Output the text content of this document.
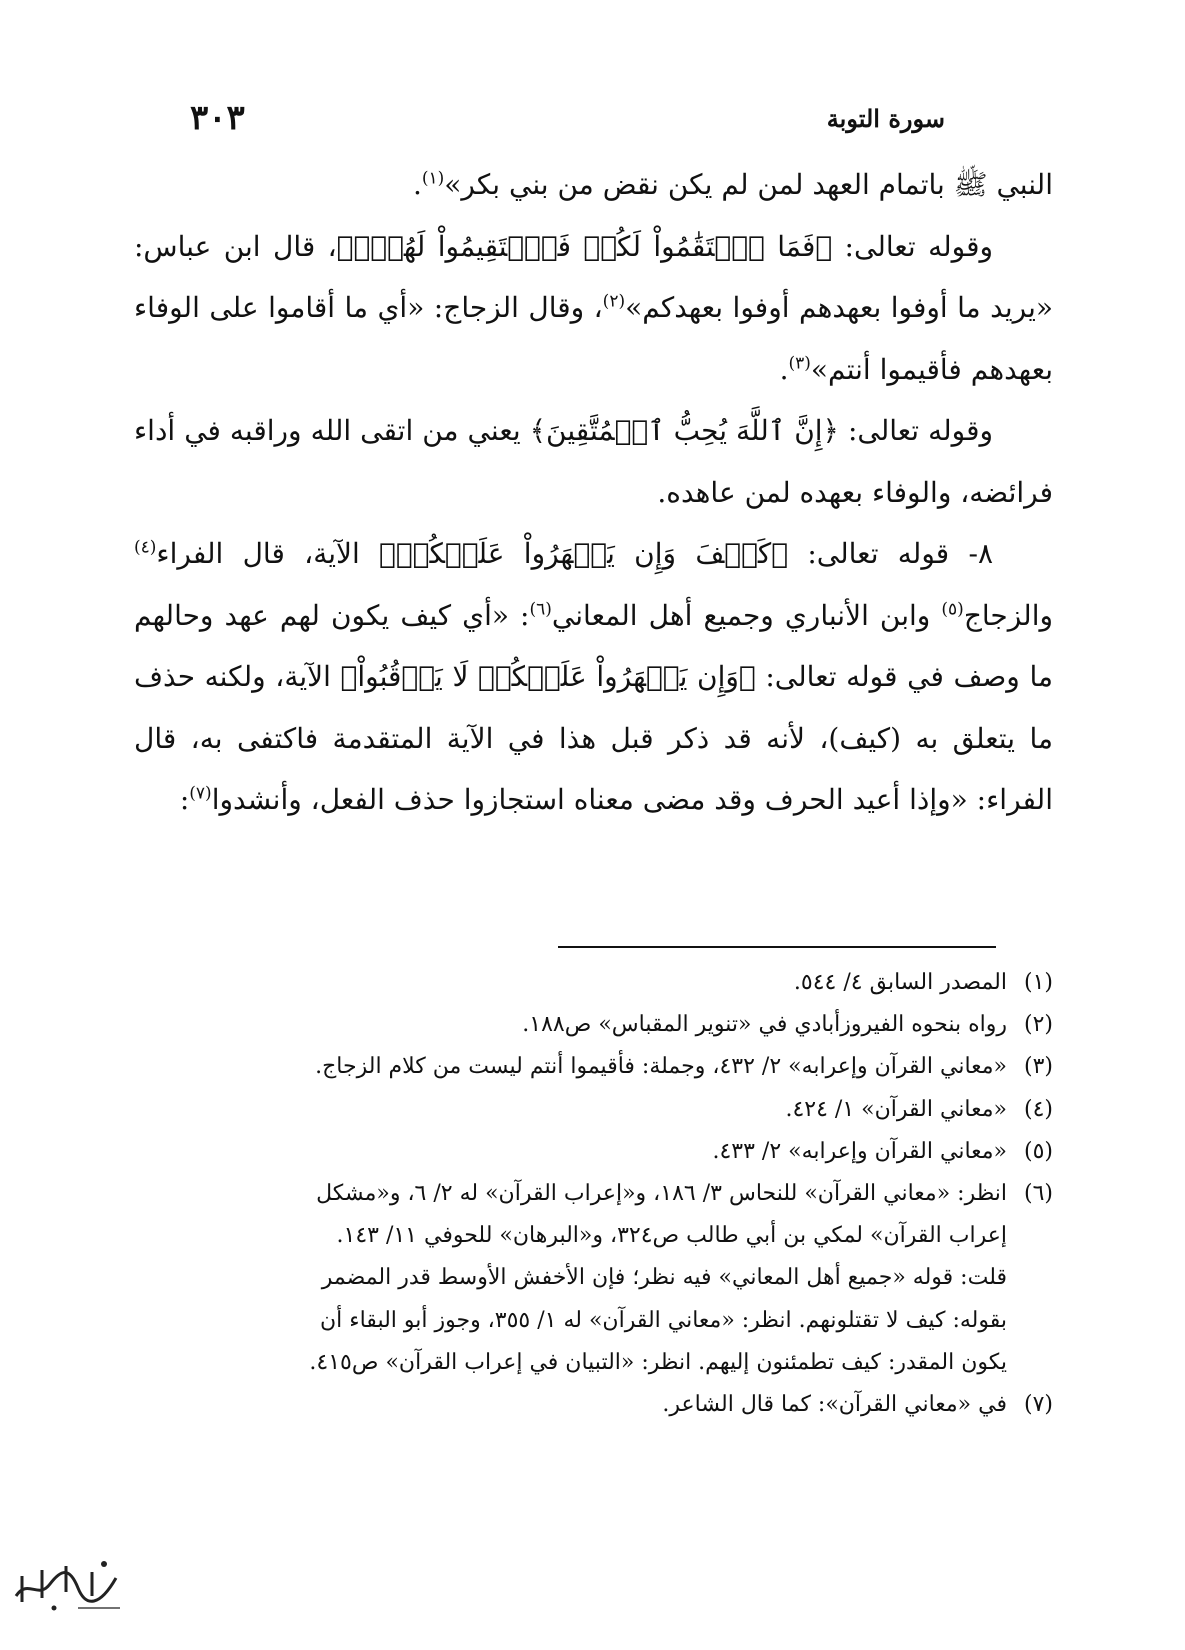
سورة التوبة
٣٠٣

النبي ﷺ باتمام العهد لمن لم يكن نقض من بني بكر»$^{(١)}$.

وقوله تعالى: ﴿فَمَا ٱسۡتَقَٰمُواْ لَكُمۡ فَٱسۡتَقِيمُواْ لَهُمۡۚ﴾، قال ابن عباس: «يريد ما أوفوا بعهدهم أوفوا بعهدكم»$^{(٢)}$، وقال الزجاج: «أي ما أقاموا على الوفاء بعهدهم فأقيموا أنتم»$^{(٣)}$.

وقوله تعالى: ﴿إِنَّ ٱللَّهَ يُحِبُّ ٱلۡمُتَّقِينَ﴾ يعني من اتقى الله وراقبه في أداء فرائضه، والوفاء بعهده لمن عاهده.

٨- قوله تعالى: ﴿كَيۡفَ وَإِن يَظۡهَرُواْ عَلَيۡكُمۡ﴾ الآية، قال الفراء$^{(٤)}$ والزجاج$^{(٥)}$ وابن الأنباري وجميع أهل المعاني$^{(٦)}$: «أي كيف يكون لهم عهد وحالهم ما وصف في قوله تعالى: ﴿وَإِن يَظۡهَرُواْ عَلَيۡكُمۡ لَا يَرۡقُبُواْ﴾ الآية، ولكنه حذف ما يتعلق به (كيف)، لأنه قد ذكر قبل هذا في الآية المتقدمة فاكتفى به، قال الفراء: «وإذا أعيد الحرف وقد مضى معناه استجازوا حذف الفعل، وأنشدوا$^{(٧)}$:

(١)
المصدر السابق ٤/ ٥٤٤.
(٢)
رواه بنحوه الفيروزأبادي في «تنوير المقباس» ص١٨٨.
(٣)
«معاني القرآن وإعرابه» ٢/ ٤٣٢، وجملة: فأقيموا أنتم ليست من كلام الزجاج.
(٤)
«معاني القرآن» ١/ ٤٢٤.
(٥)
«معاني القرآن وإعرابه» ٢/ ٤٣٣.
(٦)
انظر: «معاني القرآن» للنحاس ٣/ ١٨٦، و«إعراب القرآن» له ٢/ ٦، و«مشكل
إعراب القرآن» لمكي بن أبي طالب ص٣٢٤، و«البرهان» للحوفي ١١/ ١٤٣.
قلت: قوله «جميع أهل المعاني» فيه نظر؛ فإن الأخفش الأوسط قدر المضمر
بقوله: كيف لا تقتلونهم. انظر: «معاني القرآن» له ١/ ٣٥٥، وجوز أبو البقاء أن
يكون المقدر: كيف تطمئنون إليهم. انظر: «التبيان في إعراب القرآن» ص٤١٥.
(٧)
في «معاني القرآن»: كما قال الشاعر.
